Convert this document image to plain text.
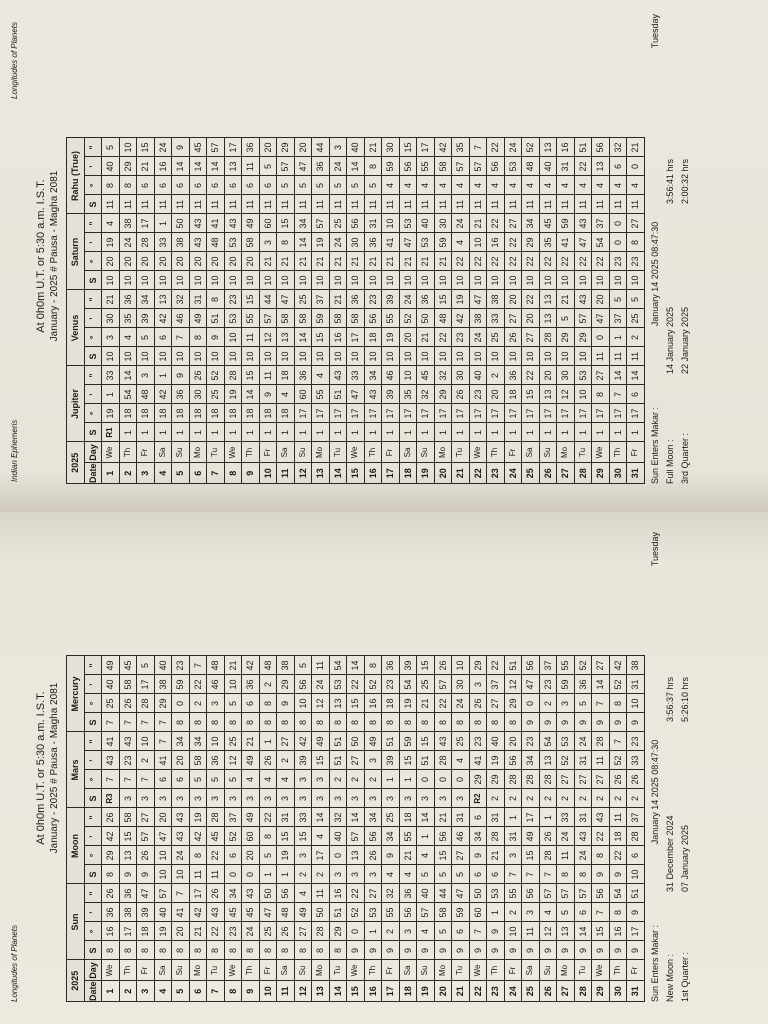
Longitudes of Planets
At 0h0m U.T. or 5:30 a.m. I.S.T. January - 2025 # Pausa - Magha 2081
2025		Sun				Moon				Mars				Mercury			
Date	Day	S	°	'	"	S	°	'	"	S	°	'	"	S	°	'	"
1	We	8	16	36	26	8	29	42	26	R3	7	43	41	7	25	40	49
2	Th	8	17	38	36	9	13	15	58	3	7	23	43	7	26	58	45
3	Fr	8	18	39	47	9	26	57	27	3	7	2	10	7	28	17	5
4	Sa	8	19	40	57	10	10	47	20	3	6	41	7	7	29	38	40
5	Su	8	20	41	7	10	24	43	43	3	6	20	34	8	0	59	23
6	Mo	8	21	42	17	11	8	42	19	3	5	58	34	8	2	22	7
7	Tu	8	22	43	26	11	22	45	28	3	5	36	10	8	3	46	48
8	We	8	23	45	34	0	6	52	37	3	5	12	25	8	5	10	21
9	Th	8	24	45	43	0	20	60	49	3	4	49	21	8	6	36	42
10	Fr	8	25	47	50	1	5	8	22	3	4	26	1	8	8	2	48
11	Sa	8	26	48	56	1	19	15	31	3	4	2	27	8	9	29	38
12	Su	8	27	49	4	2	3	15	33	3	3	39	42	8	10	56	5
13	Mo	8	28	50	11	2	17	4	14	3	3	15	49	8	12	24	11
14	Tu	8	29	51	16	3	0	40	32	3	2	51	51	8	13	53	54
15	We	9	0	52	22	3	13	57	14	3	2	27	50	8	15	22	14
16	Th	9	1	53	27	3	26	56	34	3	2	3	49	8	16	52	8
17	Fr	9	2	55	32	4	9	34	25	3	1	39	51	8	18	23	36
18	Sa	9	3	56	36	4	21	55	18	3	1	15	59	8	19	54	39
19	Su	9	4	57	40	5	4	1	14	3	0	51	15	8	21	25	15
20	Mo	9	5	58	44	5	15	56	21	3	0	28	43	8	22	57	26
21	Tu	9	6	59	47	5	27	46	31	3	0	4	25	8	24	30	10
22	We	9	7	60	50	6	9	34	6	R2	29	41	23	8	26	3	29
23	Th	9	9	1	53	6	21	28	31	2	29	19	40	8	27	37	22
24	Fr	9	10	2	55	7	3	31	1	2	28	56	20	8	29	12	51
25	Sa	9	11	3	56	7	15	49	17	2	28	34	23	9	0	47	56
26	Su	9	12	4	57	7	28	26	1	2	28	13	54	9	2	23	37
27	Mo	9	13	5	57	8	11	24	33	2	27	52	53	9	3	59	55
28	Tu	9	14	6	57	8	24	43	31	2	27	31	24	9	5	36	52
29	We	9	15	7	56	9	8	22	43	2	27	11	28	9	7	14	27
30	Th	9	16	8	54	9	22	18	11	2	26	52	7	9	8	52	42
31	Fr	9	17	9	51	10	6	28	37	2	26	33	23	9	10	31	38
Sun Enters Makar :
January 14 2025 08:47:30
Tuesday
New Moon :
31 December 2024
3:56:37 hrs
1st Quarter :
07 January 2025
5:26:10 hrs
Indian Ephemeris
Longitudes of Planets
At 0h0m U.T. or 5:30 a.m. I.S.T. January - 2025 # Pausa - Magha 2081
2025		Jupiter				Venus				Saturn				Rahu (True)			
Date	Day	S	°	'	"	S	°	'	"	S	°	'	"	S	°	'	"
1	We	R1	19	1	33	10	3	30	21	10	20	19	4	11	8	40	5
2	Th	1	18	54	14	10	4	35	36	10	20	24	38	11	8	29	10
3	Fr	1	18	48	3	10	5	39	34	10	20	28	17	11	6	21	15
4	Sa	1	18	42	1	10	6	42	13	10	20	33	1	11	6	16	24
5	Su	1	18	36	9	10	7	46	32	10	20	38	50	11	6	14	9
6	Mo	1	18	30	26	10	8	49	31	10	20	43	43	11	6	14	45
7	Tu	1	18	25	52	10	9	51	8	10	20	48	41	11	6	14	57
8	We	1	18	19	28	10	10	53	23	10	20	53	43	11	6	13	17
9	Th	1	18	14	15	10	11	55	15	10	20	58	49	11	6	11	36
10	Fr	1	18	9	11	10	12	57	44	10	21	3	60	11	6	5	20
11	Sa	1	18	4	18	10	13	58	47	10	21	8	15	11	5	57	29
12	Su	1	17	60	36	10	14	58	25	10	21	14	34	11	5	47	20
13	Mo	1	17	55	4	10	15	59	37	10	21	19	57	11	5	36	44
14	Tu	1	17	51	43	10	16	58	21	10	21	24	25	11	5	24	3
15	We	1	17	47	33	10	17	58	36	10	21	30	56	11	5	14	40
16	Th	1	17	43	34	10	18	56	23	10	21	36	31	11	5	8	21
17	Fr	1	17	39	46	10	19	55	39	10	21	41	10	11	4	59	30
18	Sa	1	17	35	10	10	20	52	24	10	21	47	53	11	4	56	15
19	Su	1	17	32	45	10	21	50	36	10	21	53	40	11	4	55	17
20	Mo	1	17	29	32	10	22	48	15	10	21	59	30	11	4	58	42
21	Tu	1	17	26	30	10	23	42	19	10	22	4	24	11	4	57	35
22	We	1	17	23	40	10	24	38	47	10	22	10	21	11	4	57	7
23	Th	1	17	20	2	10	25	33	38	10	22	16	22	11	4	56	22
24	Fr	1	17	18	36	10	26	27	20	10	22	22	27	11	4	53	24
25	Sa	1	17	15	22	10	27	20	22	10	22	29	34	11	4	48	52
26	Su	1	17	13	20	10	28	13	13	10	22	35	45	11	4	40	13
27	Mo	1	17	12	30	10	29	5	21	10	22	41	59	11	4	31	16
28	Tu	1	17	10	53	10	29	57	43	10	22	47	43	11	4	22	51
29	We	1	17	8	27	11	0	47	20	10	22	54	37	11	4	13	56
30	Th	1	17	7	14	11	1	37	5	10	23	0	0	11	4	6	32
31	Fr	1	17	6	14	11	2	25	5	10	23	8	27	11	4	0	21
Sun Enters Makar :
January 14 2025 08:47:30
Tuesday
Full Moon :
14 January 2025
3:56:41 hrs
3rd Quarter :
22 January 2025
2:00:32 hrs
